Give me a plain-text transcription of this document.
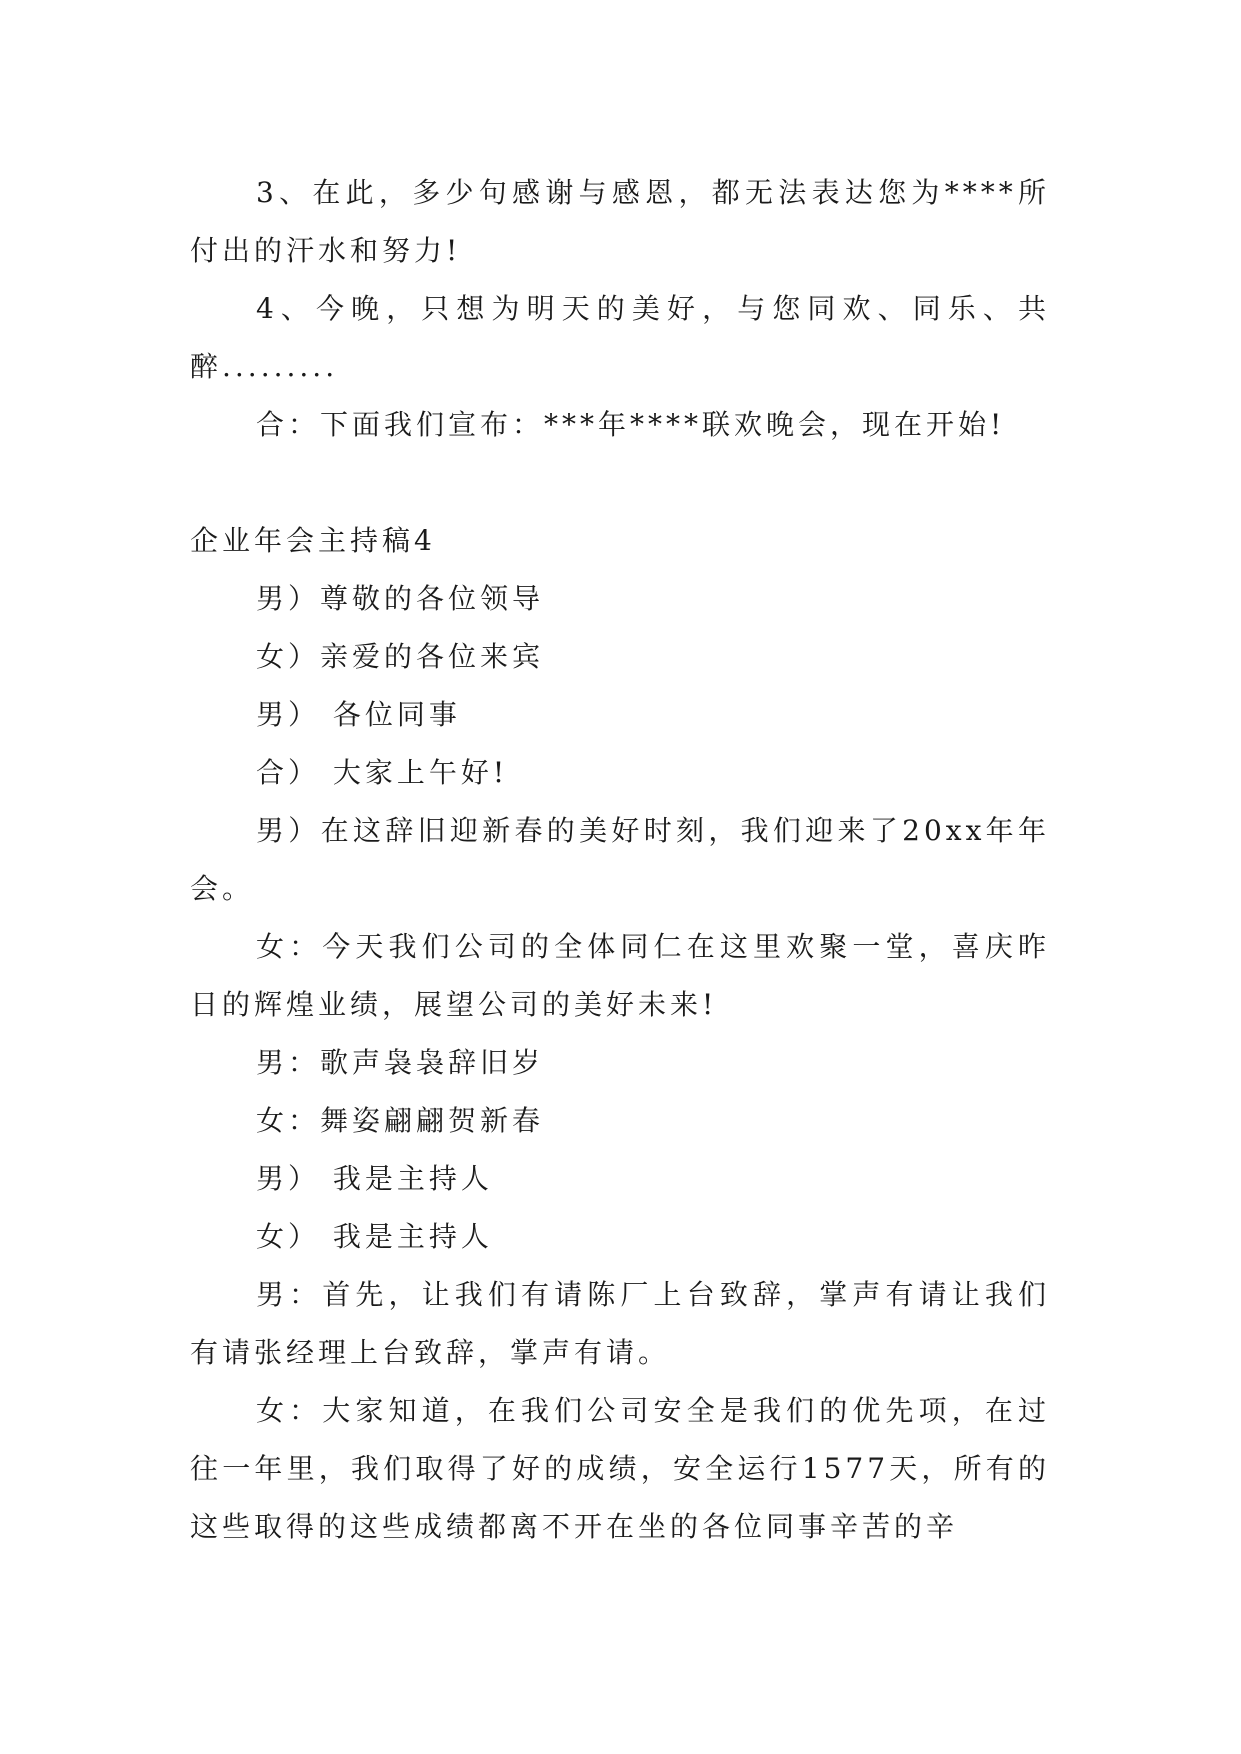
3、在此，多少句感谢与感恩，都无法表达您为****所付出的汗水和努力!

4、今晚，只想为明天的美好，与您同欢、同乐、共醉.........

合：下面我们宣布：***年****联欢晚会，现在开始!

企业年会主持稿4

男）尊敬的各位领导

女）亲爱的各位来宾

男） 各位同事

合） 大家上午好!

男）在这辞旧迎新春的美好时刻，我们迎来了20xx年年会。

女：今天我们公司的全体同仁在这里欢聚一堂，喜庆昨日的辉煌业绩，展望公司的美好未来!

男：歌声袅袅辞旧岁

女：舞姿翩翩贺新春

男） 我是主持人

女） 我是主持人

男：首先，让我们有请陈厂上台致辞，掌声有请让我们有请张经理上台致辞，掌声有请。

女：大家知道，在我们公司安全是我们的优先项，在过往一年里，我们取得了好的成绩，安全运行1577天，所有的这些取得的这些成绩都离不开在坐的各位同事辛苦的辛
